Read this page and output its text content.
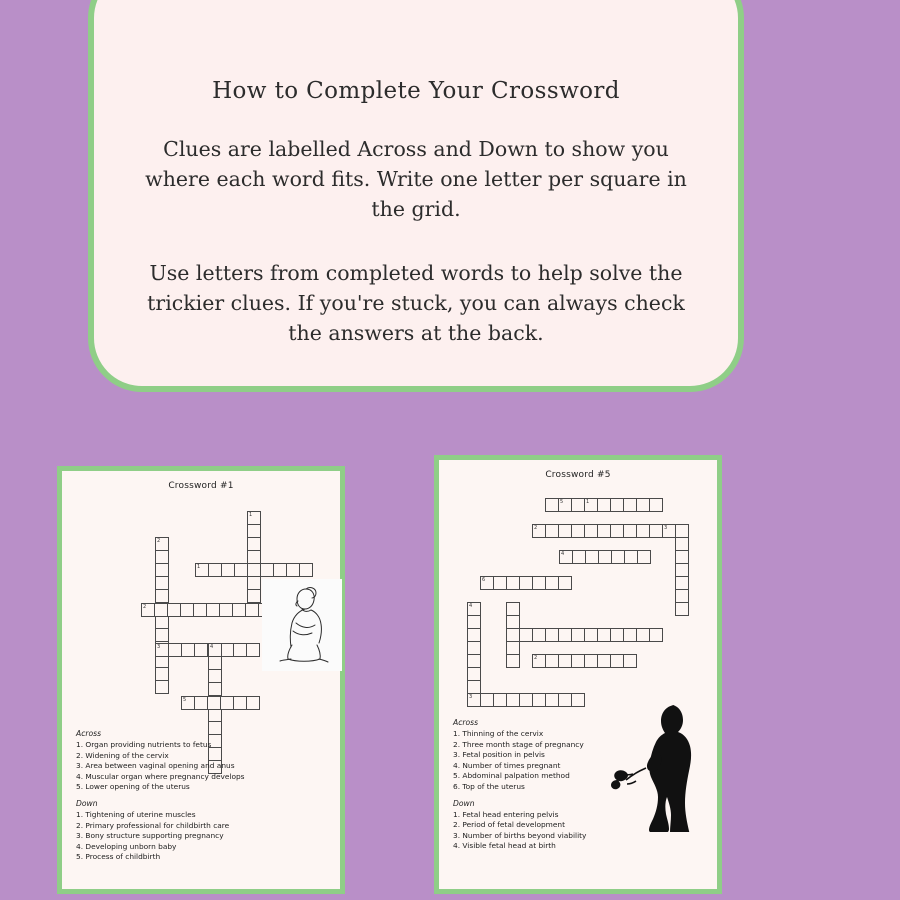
How to Complete Your Crossword
Clues are labelled Across and Down to show you where each word fits. Write one letter per square in the grid.
Use letters from completed words to help solve the trickier clues. If you're stuck, you can always check the answers at the back.
Crossword #1
1
2
1
2
3	4
5
Across
1. Organ providing nutrients to fetus
2. Widening of the cervix
3. Area between vaginal opening and anus
4. Muscular organ where pregnancy develops
5. Lower opening of the uterus
Down
1. Tightening of uterine muscles
2. Primary professional for childbirth care
3. Bony structure supporting pregnancy
4. Developing unborn baby
5. Process of childbirth
Crossword #5
5	1
2	3
4
6
4
2
3
Across
1. Thinning of the cervix
2. Three month stage of pregnancy
3. Fetal position in pelvis
4. Number of times pregnant
5. Abdominal palpation method
6. Top of the uterus
Down
1. Fetal head entering pelvis
2. Period of fetal development
3. Number of births beyond viability
4. Visible fetal head at birth
